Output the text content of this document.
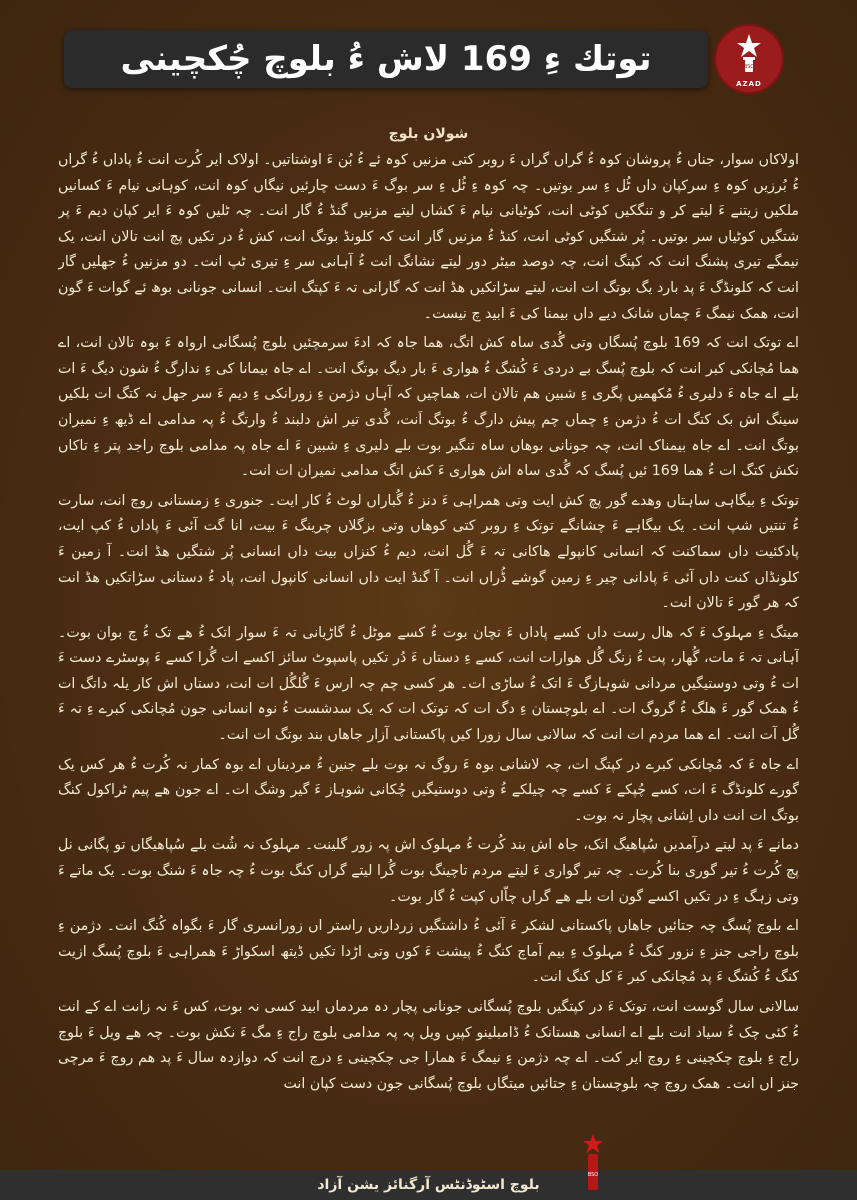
توتك ءِ 169 لاش ءُ بلوچ چُکچینی	BSO
AZAD
شولان بلوچ

اولاکاں سوار، جناں ءُ پروشان کوہ ءُ گراں گراں ءَ روبر کتی مزنیں کوہ ئے ءُ بُن ءَ اوشتاتیں۔ اولاک ایر کُرت انت ءُ پاداں ءُ گراں ءُ بُرزیں کوہ ءِ سرکپان داں ٹُل ءِ سر بوتیں۔ چہ کوہ ءِ ٹُل ءِ سر بوگ ءَ دست چارئیں نیگاں کوہ انت، کوہانی نیام ءَ کسانیں ملکیں زیتنے ءَ لیتے کر و تنگکیں کوٹی انت، کوٹیانی نیام ءَ کشاں لیتے مزنیں گنڈ ءُ گار انت۔ چہ ٹلیں کوہ ءَ ایر کپان دیم ءَ پر شتگیں کوٹیاں سر بوتیں۔ پُر شتگیں کوٹی انت، کنڈ ءُ مزنیں گار انت کہ کلونڈ بوتگ انت، کش ءُ در تکیں پچ انت تالان انت، یک نیمگے تیری پشنگ انت کہ کپتگ انت، چہ دوصد میٹر دور لیتے نشانگ انت ءُ آہانی سر ءِ تیری ٹپ انت۔ دو مزنیں ءُ جھلیں گار انت کہ کلونڈگ ءَ پد بارد یگ بوتگ ات انت، لیتے سڑاتکیں ھڈ انت کہ گارانی تہ ءَ کپتگ انت۔ انسانی جونانی بوھ ئے گوات ءَ گون انت، ھمک نیمگ ءَ چماں شانک دیے داں بیمنا کی ءَ ابید چ نیست۔

اے توتک انت کہ 169 بلوچ پُسگاں وتی گُدی ساہ کش اتگ، ھما جاہ کہ ادءَ سرمچئیں بلوچ پُسگانی ارواہ ءَ بوہ تالان انت، اے ھما مُچانکی کبر انت کہ بلوچ پُسگ بے دردی ءَ کُشگ ءُ ھواری ءَ بار دیگ بوتگ انت۔ اے جاہ بیمانا کی ءِ ندارگ ءُ شون دیگ ءَ ات بلے اے جاہ ءَ دلیری ءُ مُکھمیں پگری ءِ شبین ھم تالان ات، ھماچیں کہ آہاں دژمن ءِ زورانکی ءِ دیم ءَ سر جھل نہ کتگ ات بلکیں سینگ اش بک کتگ ات ءُ دژمن ءِ چماں چم پیش دارگ ءُ بوتگ اَنت، گُدی تیر اش دلبند ءُ وارتگ ءُ پہ مدامی اے ڈیھ ءِ نمیران بوتگ انت۔ اے جاہ بیمناک انت، چہ جونانی بوھاں ساہ تنگیر بوت بلے دلیری ءِ شبین ءَ اے جاہ پہ مدامی بلوچ راجد پتر ءِ تاکاں نکش کتگ ات ءُ ھما 169 ئیں پُسگ کہ گُدی ساہ اش ھواری ءَ کش اتگ مدامی نمیران ات انت۔

توتک ءِ بیگاہی ساہتاں وھدے گور پچ کش ایت وتی ھمراہی ءَ دنز ءُ گُباراں لوٹ ءُ کار ایت۔ جنوری ءِ زمستانی روچ انت، سارت ءُ تنتیں شپ انت۔ یک بیگاہے ءَ چشانگے توتک ءِ روبر کتی کوھاں وتی بزگلاں چرینگ ءَ بیت، انا گت آئی ءَ پاداں ءُ کپ ایت، پادکئیت داں سماکنت کہ انسانی کانپولے ھاکانی تہ ءَ گُل انت، دیم ءُ کنزاں بیت داں انسانی پُر شتگیں ھڈ انت۔ آ زمین ءَ کلونڈاں کنت داں آئی ءَ پادانی چیر ءِ زمین گوشے ڈُراں انت۔ آ گنڈ ایت داں انسانی کانپول انت، پاد ءُ دستانی سڑاتکیں ھڈ انت کہ ھر گور ءَ تالان انت۔

میتگ ءِ مہلوک ءَ کہ ھال رست داں کسے پاداں ءَ تچان بوت ءُ کسے موٹل ءُ گاڑیانی تہ ءَ سوار اتک ءُ ھے تک ءُ چ بوان بوت۔ آہانی تہ ءَ مات، گُھار، پت ءُ زنگ گُل ھوارات انت، کسے ءِ دستاں ءَ دُر تکیں پاسپوٹ سائز اکسے ات گُرا کسے ءَ پوسٹرے دست ءَ ات ءُ وتی دوستیگیں مردانی شوہازگ ءَ اتک ءُ ساڑی ات۔ ھر کسی چم چہ ارس ءَ گُلگُل ات انت، دستاں اش کار یلہ داتگ ات ءُ ھمک گور ءَ ھلگ ءُ گروگ ات۔ اے بلوچستان ءِ دگ ات کہ توتک ات کہ یک سدشست ءُ نوہ انسانی جون مُچانکی کبرے ءِ تہ ءَ گُل آت انت۔ اے ھما مردم ات انت کہ سالانی سال زورا کیں پاکستانی آزار جاھاں بند بوتگ ات انت۔

اے جاہ ءَ کہ مُچانکی کبرے در کپتگ ات، چہ لاشانی بوہ ءَ روگ نہ بوت بلے جنین ءُ مردیناں اے بوہ کمار نہ کُرت ءُ ھر کس یک گورے کلونڈگ ءَ ات، کسے چُپکے ءَ کسے چہ چیلکے ءُ وتی دوستیگیں چُکانی شوہاز ءَ گیر وشگ ات۔ اے جون ھے پیم ٹراکول کنگ بوتگ ات انت داں اِشانی پچار نہ بوت۔

دمانے ءَ پد لیتے درآمدیں سُپاھیگ اتک، جاہ اش بند کُرت ءُ مہلوک اش پہ زور گلینت۔ مہلوک نہ شُت بلے سُپاھیگاں تو پگانی نل پچ کُرت ءُ تیر گوری بنا کُرت۔ چہ تیر گواری ءَ لیتے مردم تاچینگ بوت گُرا لیتے گراں کنگ بوت ءُ چہ جاہ ءَ شنگ بوت۔ یک ماتے ءَ وتی زہگ ءِ در تکیں اکسے گون ات بلے ھے گراں چاّاں کپت ءُ گار بوت۔

اے بلوچ پُسگ چہ جتائیں جاھاں پاکستانی لشکر ءَ آئی ءُ داشتگیں زرداریں راستر اں زورانسری گار ءَ بگواہ کُنگ انت۔ دژمن ءِ بلوچ راجی جنز ءِ نزور کنگ ءُ مہلوک ءِ بیم آماچ کنگ ءُ پیشت ءَ کوں وتی اڑدا تکیں ڈیتھ اسکواڑ ءَ ھمراہی ءَ بلوچ پُسگ ازیت کنگ ءُ کُشگ ءَ پد مُچانکی کبر ءَ کل کنگ انت۔

سالانی سال گوست انت، توتک ءَ در کپتگیں بلوچ پُسگانی جونانی پچار دہ مردماں ابید کسی نہ بوت، کس ءَ نہ زانت اے کے انت ءُ کئی چک ءُ سیاد انت بلے اے انسانی ھستانک ءُ ڈامبلینو کپیں ویل پہ پہ مدامی بلوچ راج ءِ مگ ءَ نکش بوت۔ چہ ھے ویل ءَ بلوچ راج ءِ بلوچ چکچینی ءِ روچ ایر کت۔ اے چہ دژمن ءِ نیمگ ءَ ھمارا جی چکچینی ءِ درچ انت کہ دوازدہ سال ءَ پد ھم روچ ءَ مرچی جنز اں انت۔ ھمک روچ چہ بلوچستان ءِ جتائیں میتگاں بلوچ پُسگانی جون دست کپان انت

بلوچ اسٹوڈنٹس آرگنائز یشن آزاد
BSO
